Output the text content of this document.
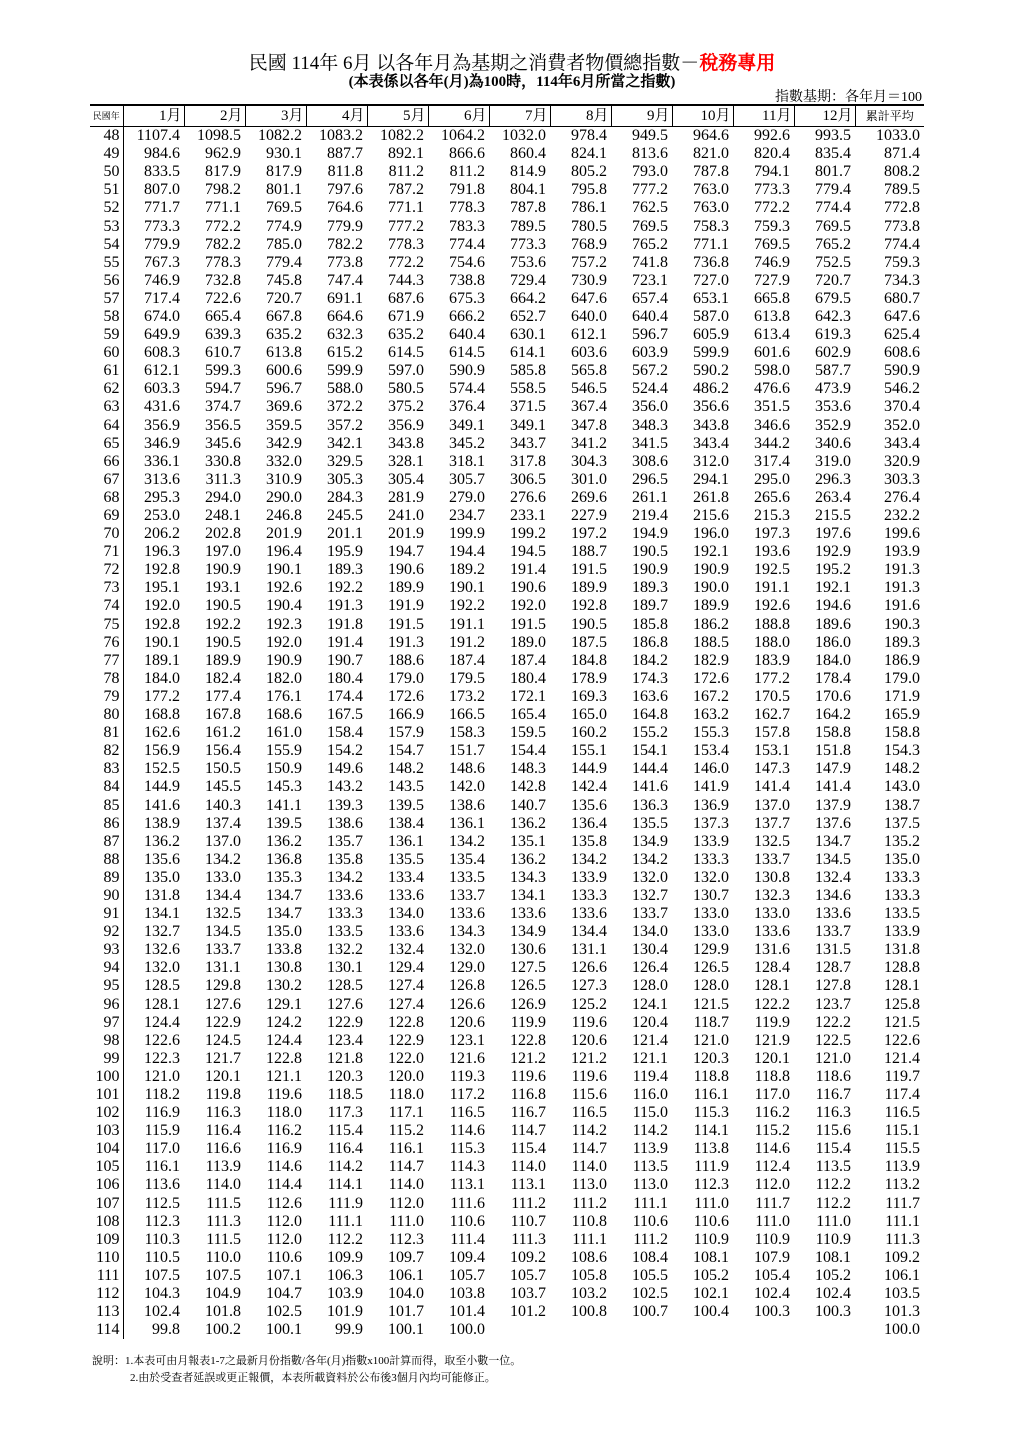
民國 114年 6月 以各年月為基期之消費者物價總指數－稅務專用
(本表係以各年(月)為100時，114年6月所當之指數)
指數基期：各年月＝100
民國年	1月	2月	3月	4月	5月	6月	7月	8月	9月	10月	11月	12月	累計平均
48	1107.4	1098.5	1082.2	1083.2	1082.2	1064.2	1032.0	978.4	949.5	964.6	992.6	993.5	1033.0
49	984.6	962.9	930.1	887.7	892.1	866.6	860.4	824.1	813.6	821.0	820.4	835.4	871.4
50	833.5	817.9	817.9	811.8	811.2	811.2	814.9	805.2	793.0	787.8	794.1	801.7	808.2
51	807.0	798.2	801.1	797.6	787.2	791.8	804.1	795.8	777.2	763.0	773.3	779.4	789.5
52	771.7	771.1	769.5	764.6	771.1	778.3	787.8	786.1	762.5	763.0	772.2	774.4	772.8
53	773.3	772.2	774.9	779.9	777.2	783.3	789.5	780.5	769.5	758.3	759.3	769.5	773.8
54	779.9	782.2	785.0	782.2	778.3	774.4	773.3	768.9	765.2	771.1	769.5	765.2	774.4
55	767.3	778.3	779.4	773.8	772.2	754.6	753.6	757.2	741.8	736.8	746.9	752.5	759.3
56	746.9	732.8	745.8	747.4	744.3	738.8	729.4	730.9	723.1	727.0	727.9	720.7	734.3
57	717.4	722.6	720.7	691.1	687.6	675.3	664.2	647.6	657.4	653.1	665.8	679.5	680.7
58	674.0	665.4	667.8	664.6	671.9	666.2	652.7	640.0	640.4	587.0	613.8	642.3	647.6
59	649.9	639.3	635.2	632.3	635.2	640.4	630.1	612.1	596.7	605.9	613.4	619.3	625.4
60	608.3	610.7	613.8	615.2	614.5	614.5	614.1	603.6	603.9	599.9	601.6	602.9	608.6
61	612.1	599.3	600.6	599.9	597.0	590.9	585.8	565.8	567.2	590.2	598.0	587.7	590.9
62	603.3	594.7	596.7	588.0	580.5	574.4	558.5	546.5	524.4	486.2	476.6	473.9	546.2
63	431.6	374.7	369.6	372.2	375.2	376.4	371.5	367.4	356.0	356.6	351.5	353.6	370.4
64	356.9	356.5	359.5	357.2	356.9	349.1	349.1	347.8	348.3	343.8	346.6	352.9	352.0
65	346.9	345.6	342.9	342.1	343.8	345.2	343.7	341.2	341.5	343.4	344.2	340.6	343.4
66	336.1	330.8	332.0	329.5	328.1	318.1	317.8	304.3	308.6	312.0	317.4	319.0	320.9
67	313.6	311.3	310.9	305.3	305.4	305.7	306.5	301.0	296.5	294.1	295.0	296.3	303.3
68	295.3	294.0	290.0	284.3	281.9	279.0	276.6	269.6	261.1	261.8	265.6	263.4	276.4
69	253.0	248.1	246.8	245.5	241.0	234.7	233.1	227.9	219.4	215.6	215.3	215.5	232.2
70	206.2	202.8	201.9	201.1	201.9	199.9	199.2	197.2	194.9	196.0	197.3	197.6	199.6
71	196.3	197.0	196.4	195.9	194.7	194.4	194.5	188.7	190.5	192.1	193.6	192.9	193.9
72	192.8	190.9	190.1	189.3	190.6	189.2	191.4	191.5	190.9	190.9	192.5	195.2	191.3
73	195.1	193.1	192.6	192.2	189.9	190.1	190.6	189.9	189.3	190.0	191.1	192.1	191.3
74	192.0	190.5	190.4	191.3	191.9	192.2	192.0	192.8	189.7	189.9	192.6	194.6	191.6
75	192.8	192.2	192.3	191.8	191.5	191.1	191.5	190.5	185.8	186.2	188.8	189.6	190.3
76	190.1	190.5	192.0	191.4	191.3	191.2	189.0	187.5	186.8	188.5	188.0	186.0	189.3
77	189.1	189.9	190.9	190.7	188.6	187.4	187.4	184.8	184.2	182.9	183.9	184.0	186.9
78	184.0	182.4	182.0	180.4	179.0	179.5	180.4	178.9	174.3	172.6	177.2	178.4	179.0
79	177.2	177.4	176.1	174.4	172.6	173.2	172.1	169.3	163.6	167.2	170.5	170.6	171.9
80	168.8	167.8	168.6	167.5	166.9	166.5	165.4	165.0	164.8	163.2	162.7	164.2	165.9
81	162.6	161.2	161.0	158.4	157.9	158.3	159.5	160.2	155.2	155.3	157.8	158.8	158.8
82	156.9	156.4	155.9	154.2	154.7	151.7	154.4	155.1	154.1	153.4	153.1	151.8	154.3
83	152.5	150.5	150.9	149.6	148.2	148.6	148.3	144.9	144.4	146.0	147.3	147.9	148.2
84	144.9	145.5	145.3	143.2	143.5	142.0	142.8	142.4	141.6	141.9	141.4	141.4	143.0
85	141.6	140.3	141.1	139.3	139.5	138.6	140.7	135.6	136.3	136.9	137.0	137.9	138.7
86	138.9	137.4	139.5	138.6	138.4	136.1	136.2	136.4	135.5	137.3	137.7	137.6	137.5
87	136.2	137.0	136.2	135.7	136.1	134.2	135.1	135.8	134.9	133.9	132.5	134.7	135.2
88	135.6	134.2	136.8	135.8	135.5	135.4	136.2	134.2	134.2	133.3	133.7	134.5	135.0
89	135.0	133.0	135.3	134.2	133.4	133.5	134.3	133.9	132.0	132.0	130.8	132.4	133.3
90	131.8	134.4	134.7	133.6	133.6	133.7	134.1	133.3	132.7	130.7	132.3	134.6	133.3
91	134.1	132.5	134.7	133.3	134.0	133.6	133.6	133.6	133.7	133.0	133.0	133.6	133.5
92	132.7	134.5	135.0	133.5	133.6	134.3	134.9	134.4	134.0	133.0	133.6	133.7	133.9
93	132.6	133.7	133.8	132.2	132.4	132.0	130.6	131.1	130.4	129.9	131.6	131.5	131.8
94	132.0	131.1	130.8	130.1	129.4	129.0	127.5	126.6	126.4	126.5	128.4	128.7	128.8
95	128.5	129.8	130.2	128.5	127.4	126.8	126.5	127.3	128.0	128.0	128.1	127.8	128.1
96	128.1	127.6	129.1	127.6	127.4	126.6	126.9	125.2	124.1	121.5	122.2	123.7	125.8
97	124.4	122.9	124.2	122.9	122.8	120.6	119.9	119.6	120.4	118.7	119.9	122.2	121.5
98	122.6	124.5	124.4	123.4	122.9	123.1	122.8	120.6	121.4	121.0	121.9	122.5	122.6
99	122.3	121.7	122.8	121.8	122.0	121.6	121.2	121.2	121.1	120.3	120.1	121.0	121.4
100	121.0	120.1	121.1	120.3	120.0	119.3	119.6	119.6	119.4	118.8	118.8	118.6	119.7
101	118.2	119.8	119.6	118.5	118.0	117.2	116.8	115.6	116.0	116.1	117.0	116.7	117.4
102	116.9	116.3	118.0	117.3	117.1	116.5	116.7	116.5	115.0	115.3	116.2	116.3	116.5
103	115.9	116.4	116.2	115.4	115.2	114.6	114.7	114.2	114.2	114.1	115.2	115.6	115.1
104	117.0	116.6	116.9	116.4	116.1	115.3	115.4	114.7	113.9	113.8	114.6	115.4	115.5
105	116.1	113.9	114.6	114.2	114.7	114.3	114.0	114.0	113.5	111.9	112.4	113.5	113.9
106	113.6	114.0	114.4	114.1	114.0	113.1	113.1	113.0	113.0	112.3	112.0	112.2	113.2
107	112.5	111.5	112.6	111.9	112.0	111.6	111.2	111.2	111.1	111.0	111.7	112.2	111.7
108	112.3	111.3	112.0	111.1	111.0	110.6	110.7	110.8	110.6	110.6	111.0	111.0	111.1
109	110.3	111.5	112.0	112.2	112.3	111.4	111.3	111.1	111.2	110.9	110.9	110.9	111.3
110	110.5	110.0	110.6	109.9	109.7	109.4	109.2	108.6	108.4	108.1	107.9	108.1	109.2
111	107.5	107.5	107.1	106.3	106.1	105.7	105.7	105.8	105.5	105.2	105.4	105.2	106.1
112	104.3	104.9	104.7	103.9	104.0	103.8	103.7	103.2	102.5	102.1	102.4	102.4	103.5
113	102.4	101.8	102.5	101.9	101.7	101.4	101.2	100.8	100.7	100.4	100.3	100.3	101.3
114	99.8	100.2	100.1	99.9	100.1	100.0							100.0
說明：1.本表可由月報表1-7之最新月份指數/各年(月)指數x100計算而得，取至小數一位。
2.由於受查者延誤或更正報價，本表所載資料於公布後3個月內均可能修正。
